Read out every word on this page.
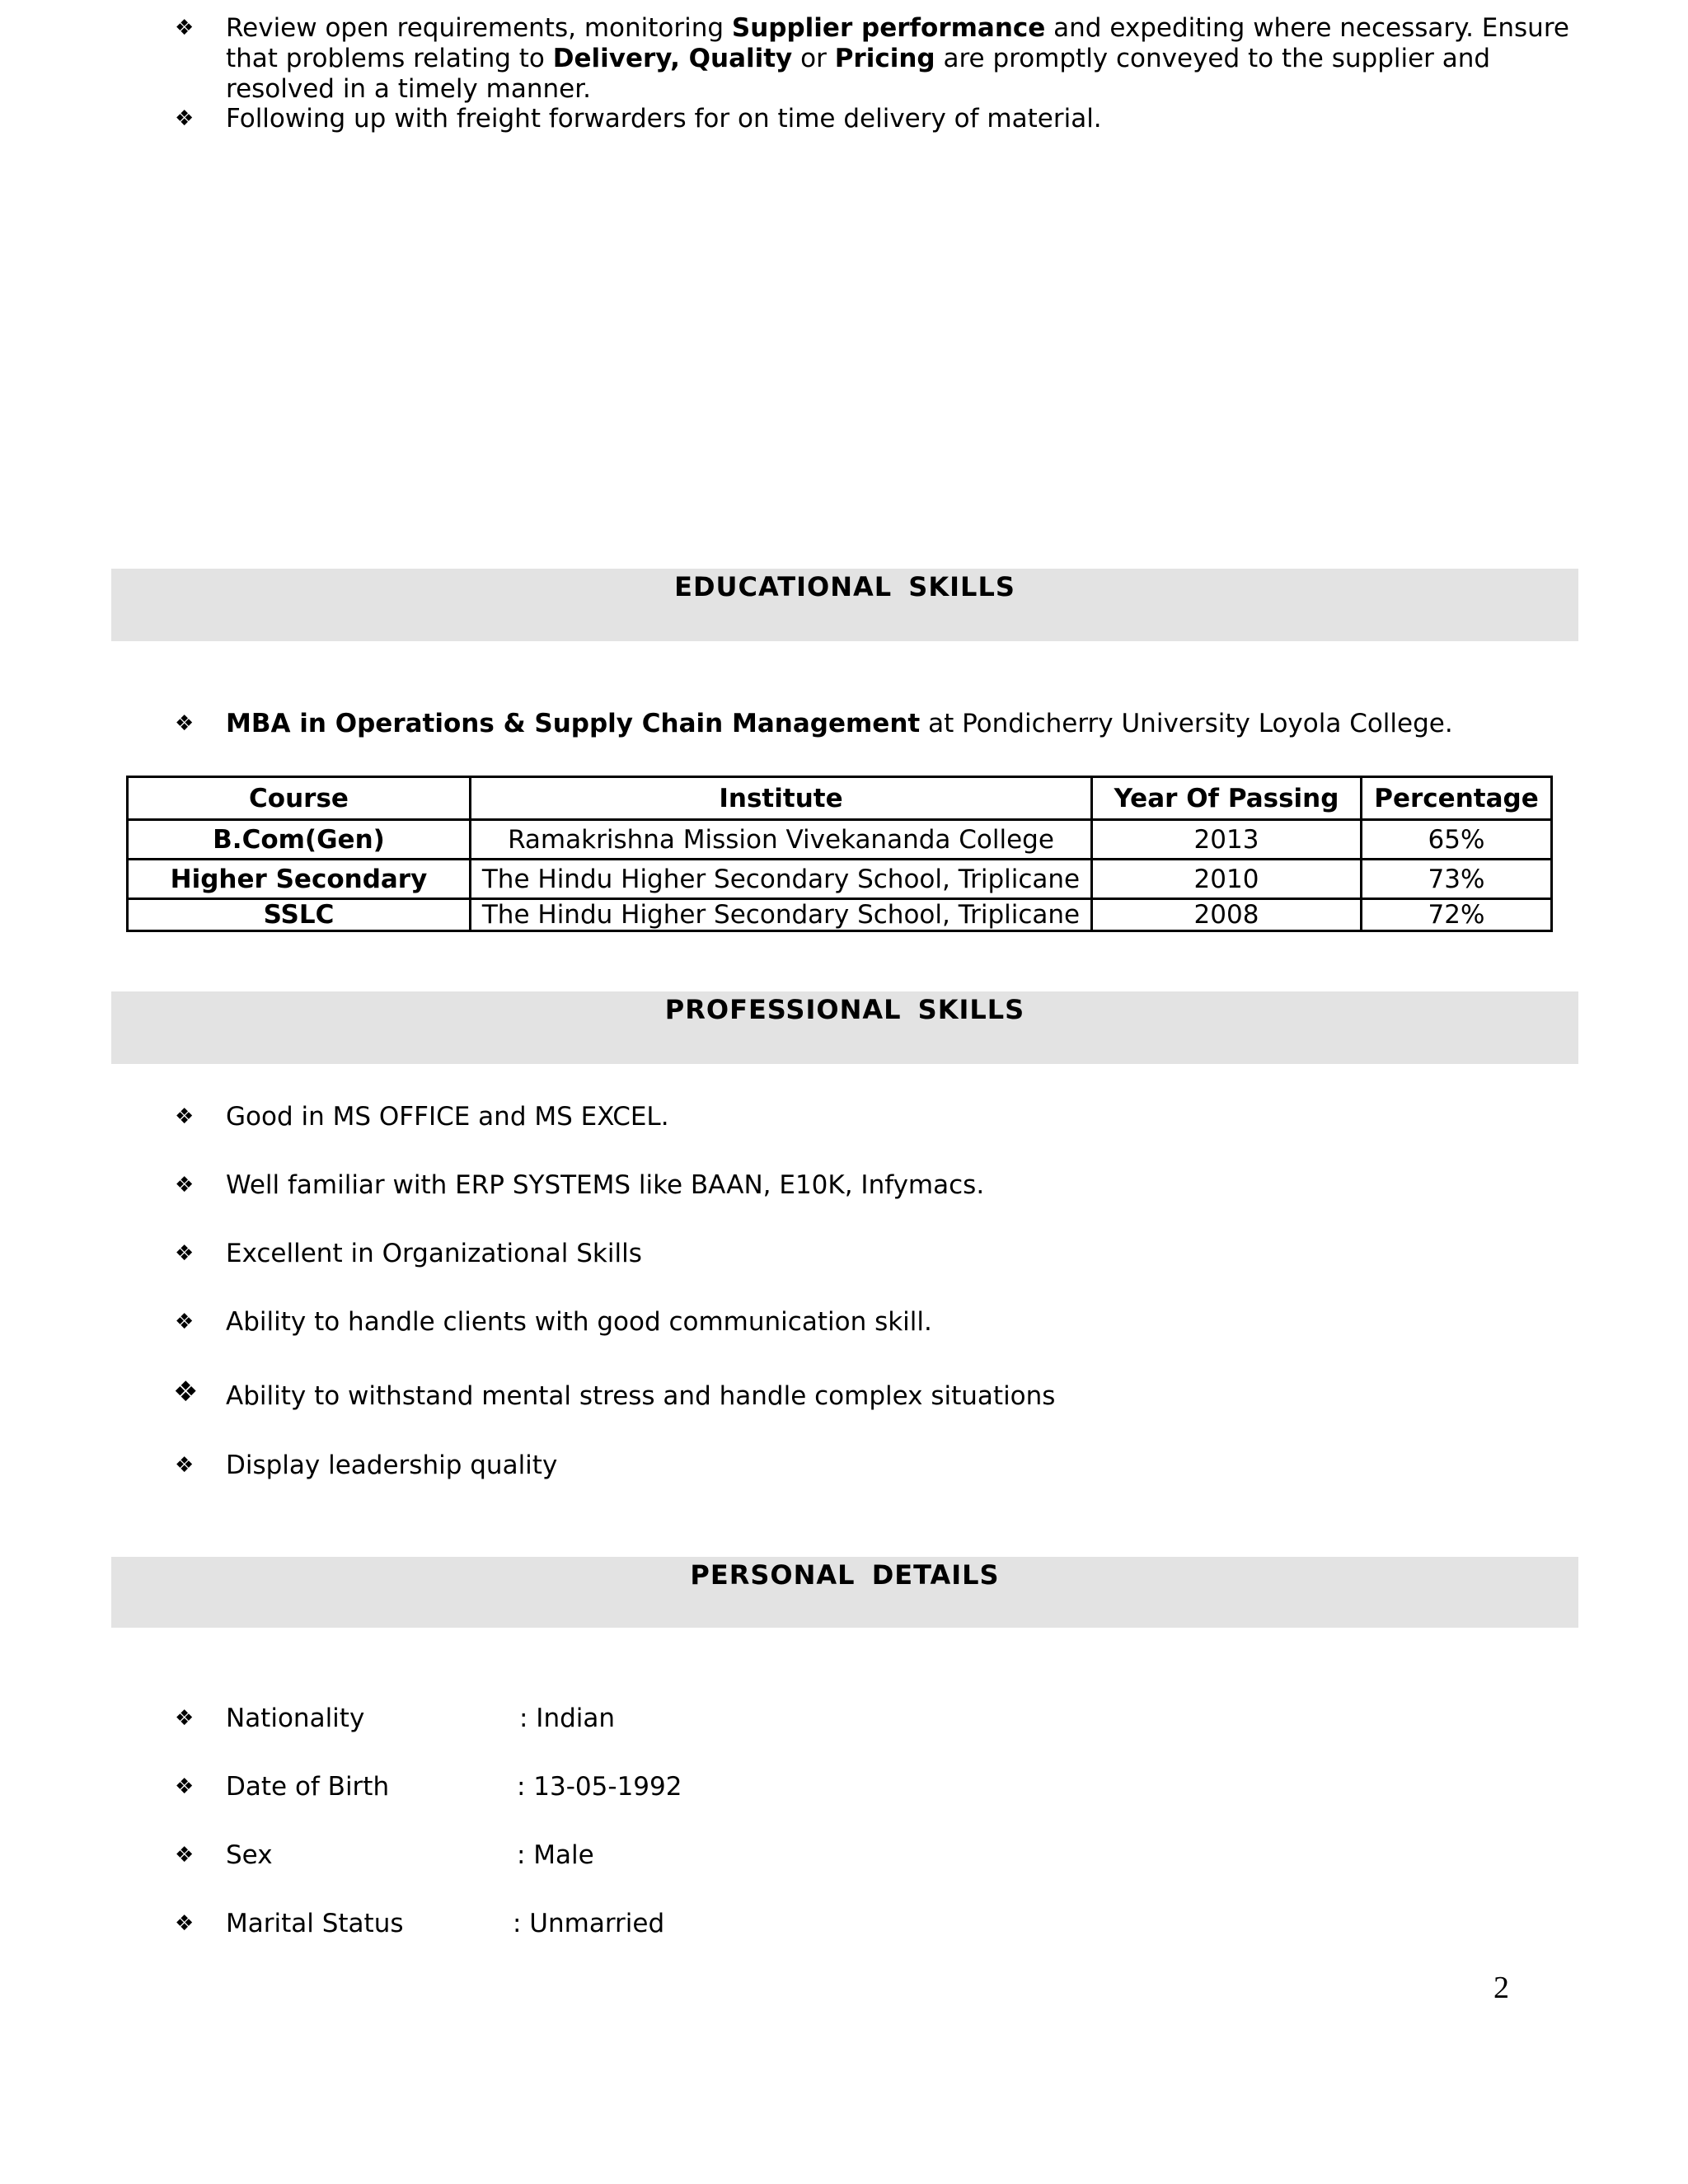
❖ Review open requirements, monitoring Supplier performance and expediting where necessary. Ensure
that problems relating to Delivery, Quality or Pricing are promptly conveyed to the supplier and
resolved in a timely manner.
❖ Following up with freight forwarders for on time delivery of material.
EDUCATIONAL SKILLS
❖ MBA in Operations & Supply Chain Management at Pondicherry University Loyola College.
Course	Institute	Year Of Passing	Percentage
B.Com(Gen)	Ramakrishna Mission Vivekananda College	2013	65%
Higher Secondary	The Hindu Higher Secondary School, Triplicane	2010	73%
SSLC	The Hindu Higher Secondary School, Triplicane	2008	72%
PROFESSIONAL SKILLS
❖ Good in MS OFFICE and MS EXCEL.
❖ Well familiar with ERP SYSTEMS like BAAN, E10K, Infymacs.
❖ Excellent in Organizational Skills
❖ Ability to handle clients with good communication skill.
❖ Ability to withstand mental stress and handle complex situations
❖ Display leadership quality
PERSONAL DETAILS
❖ Nationality	: Indian
❖ Date of Birth	: 13-05-1992
❖ Sex	: Male
❖ Marital Status	: Unmarried
2
